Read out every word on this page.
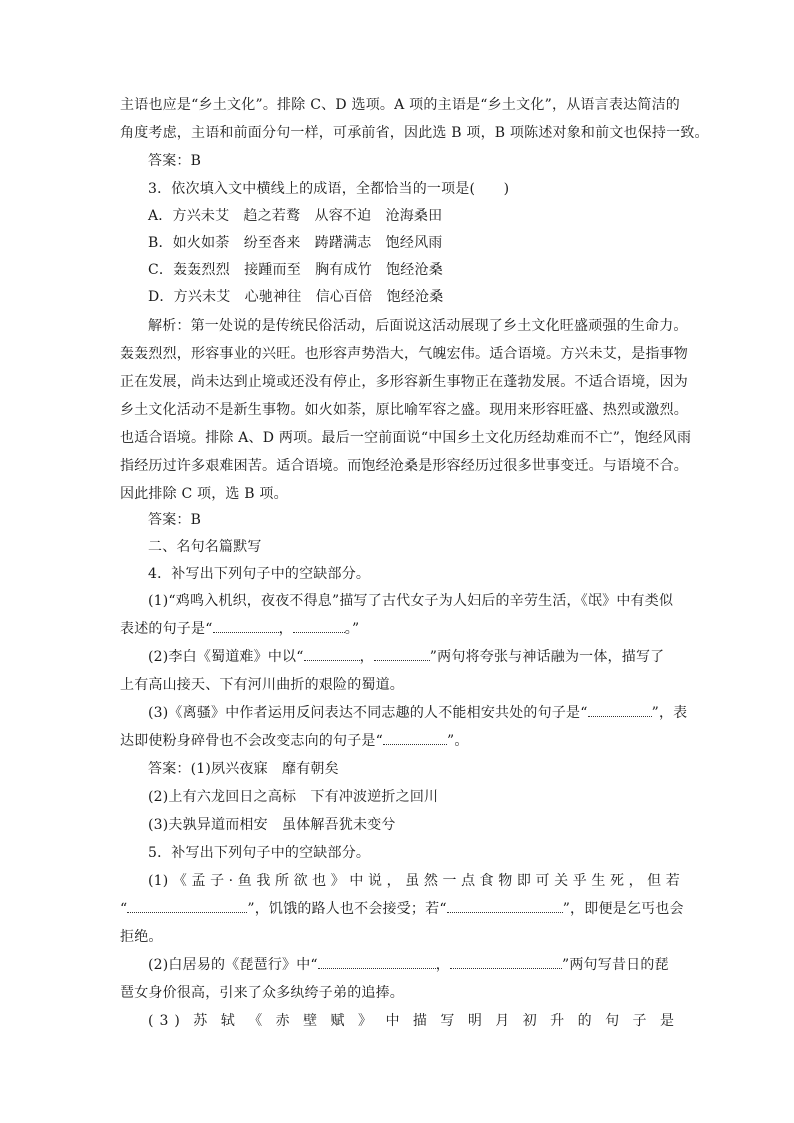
主语也应是“乡土文化”。排除 C、D 选项。A 项的主语是“乡土文化”，从语言表达简洁的
角度考虑，主语和前面分句一样，可承前省，因此选 B 项，B 项陈述对象和前文也保持一致。
答案：B
3．依次填入文中横线上的成语，全都恰当的一项是(　　)
A．方兴未艾　趋之若鹜　从容不迫　沧海桑田
B．如火如荼　纷至沓来　踌躇满志　饱经风雨
C．轰轰烈烈　接踵而至　胸有成竹　饱经沧桑
D．方兴未艾　心驰神往　信心百倍　饱经沧桑
解析：第一处说的是传统民俗活动，后面说这活动展现了乡土文化旺盛顽强的生命力。
轰轰烈烈，形容事业的兴旺。也形容声势浩大，气魄宏伟。适合语境。方兴未艾，是指事物
正在发展，尚未达到止境或还没有停止，多形容新生事物正在蓬勃发展。不适合语境，因为
乡土文化活动不是新生事物。如火如荼，原比喻军容之盛。现用来形容旺盛、热烈或激烈。
也适合语境。排除 A、D 两项。最后一空前面说“中国乡土文化历经劫难而不亡”，饱经风雨
指经历过许多艰难困苦。适合语境。而饱经沧桑是形容经历过很多世事变迁。与语境不合。
因此排除 C 项，选 B 项。
答案：B
二、名句名篇默写
4．补写出下列句子中的空缺部分。
(1)“鸡鸣入机织，夜夜不得息”描写了古代女子为人妇后的辛劳生活，《氓》中有类似
表述的句子是“	，	。”
(2)李白《蜀道难》中以“	，	”两句将夸张与神话融为一体，描写了
上有高山接天、下有河川曲折的艰险的蜀道。
(3)《离骚》中作者运用反问表达不同志趣的人不能相安共处的句子是“	”，表
达即使粉身碎骨也不会改变志向的句子是“	”。
答案：(1)夙兴夜寐　靡有朝矣
(2)上有六龙回日之高标　下有冲波逆折之回川
(3)夫孰异道而相安　虽体解吾犹未变兮
5．补写出下列句子中的空缺部分。
(1)《孟子·鱼我所欲也》中说，虽然一点食物即可关乎生死，但若
“	”，饥饿的路人也不会接受；若“	”，即便是乞丐也会
拒绝。
(2)白居易的《琵琶行》中“	，	”两句写昔日的琵
琶女身价很高，引来了众多纨绔子弟的追捧。
(3)苏轼《赤壁赋》中描写明月初升的句子是
